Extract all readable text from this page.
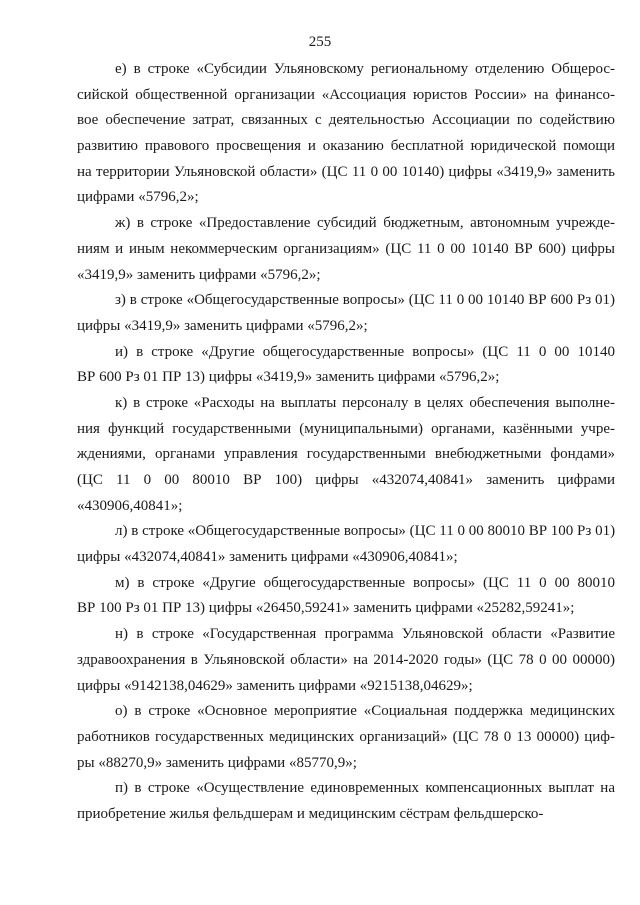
255

е) в строке «Субсидии Ульяновскому региональному отделению Общерос-
сийской общественной организации «Ассоциация юристов России» на финансо-
вое обеспечение затрат, связанных с деятельностью Ассоциации по содействию
развитию правового просвещения и оказанию бесплатной юридической помощи
на территории Ульяновской области» (ЦС 11 0 00 10140) цифры «3419,9» заменить
цифрами «5796,2»;

ж) в строке «Предоставление субсидий бюджетным, автономным учрежде-
ниям и иным некоммерческим организациям» (ЦС 11 0 00 10140 ВР 600) цифры
«3419,9» заменить цифрами «5796,2»;

з) в строке «Общегосударственные вопросы» (ЦС 11 0 00 10140 ВР 600 Рз 01)
цифры «3419,9» заменить цифрами «5796,2»;

и) в строке «Другие общегосударственные вопросы» (ЦС 11 0 00 10140
ВР 600 Рз 01 ПР 13) цифры «3419,9» заменить цифрами «5796,2»;

к) в строке «Расходы на выплаты персоналу в целях обеспечения выполне-
ния функций государственными (муниципальными) органами, казёнными учре-
ждениями, органами управления государственными внебюджетными фондами»
(ЦС 11 0 00 80010 ВР 100) цифры «432074,40841» заменить цифрами
«430906,40841»;

л) в строке «Общегосударственные вопросы» (ЦС 11 0 00 80010 ВР 100 Рз 01)
цифры «432074,40841» заменить цифрами «430906,40841»;

м) в строке «Другие общегосударственные вопросы» (ЦС 11 0 00 80010
ВР 100 Рз 01 ПР 13) цифры «26450,59241» заменить цифрами «25282,59241»;

н) в строке «Государственная программа Ульяновской области «Развитие
здравоохранения в Ульяновской области» на 2014-2020 годы» (ЦС 78 0 00 00000)
цифры «9142138,04629» заменить цифрами «9215138,04629»;

о) в строке «Основное мероприятие «Социальная поддержка медицинских
работников государственных медицинских организаций» (ЦС 78 0 13 00000) циф-
ры «88270,9» заменить цифрами «85770,9»;

п) в строке «Осуществление единовременных компенсационных выплат на
приобретение жилья фельдшерам и медицинским сёстрам фельдшерско-
